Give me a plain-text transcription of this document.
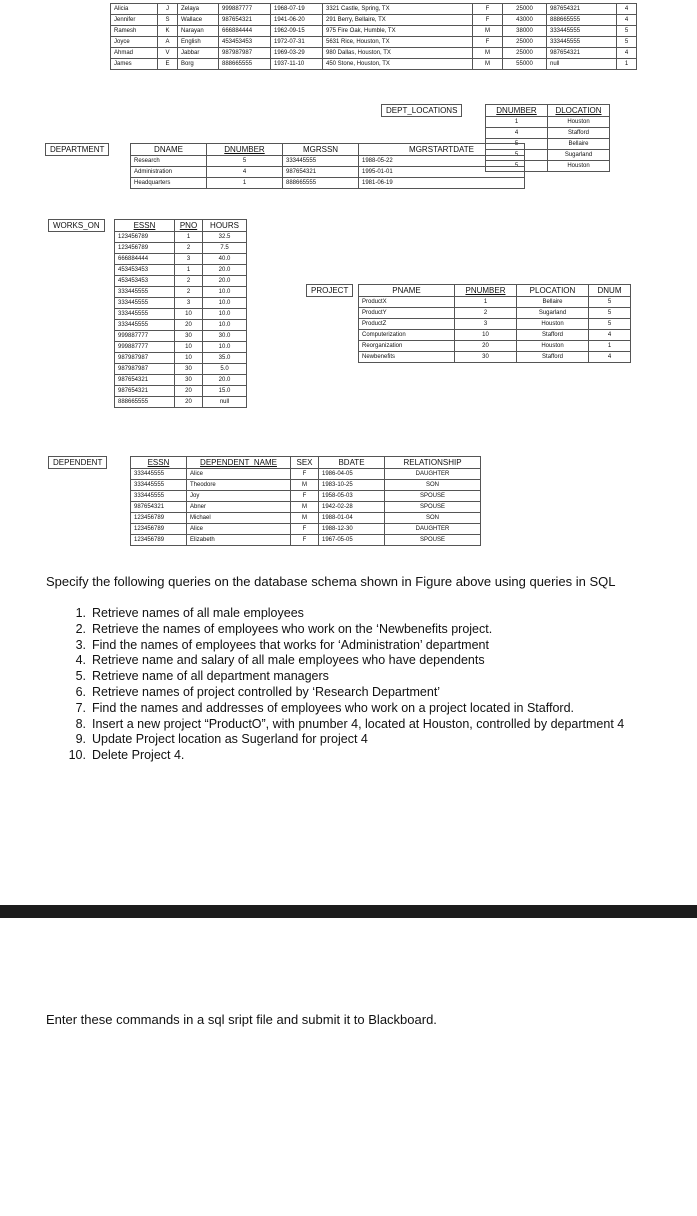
Alicia	J	Zelaya	999887777	1968-07-19	3321 Castle, Spring, TX	F	25000	987654321	4
Jennifer	S	Wallace	987654321	1941-06-20	291 Berry, Bellaire, TX	F	43000	888665555	4
Ramesh	K	Narayan	666884444	1962-09-15	975 Fire Oak, Humble, TX	M	38000	333445555	5
Joyce	A	English	453453453	1972-07-31	5631 Rice, Houston, TX	F	25000	333445555	5
Ahmad	V	Jabbar	987987987	1969-03-29	980 Dallas, Houston, TX	M	25000	987654321	4
James	E	Borg	888665555	1937-11-10	450 Stone, Houston, TX	M	55000	null	1
DEPT_LOCATIONS	DNUMBER	DLOCATION
1	Houston
4	Stafford
5	Bellaire
5	Sugarland
5	Houston
DEPARTMENT	DNAME	DNUMBER	MGRSSN	MGRSTARTDATE
Research	5	333445555	1988-05-22
Administration	4	987654321	1995-01-01
Headquarters	1	888665555	1981-06-19
WORKS_ON	ESSN	PNO	HOURS
123456789	1	32.5
123456789	2	7.5
666884444	3	40.0
453453453	1	20.0
453453453	2	20.0
333445555	2	10.0
333445555	3	10.0
333445555	10	10.0
333445555	20	10.0
999887777	30	30.0
999887777	10	10.0
987987987	10	35.0
987987987	30	5.0
987654321	30	20.0
987654321	20	15.0
888665555	20	null
PROJECT	PNAME	PNUMBER	PLOCATION	DNUM
ProductX	1	Bellaire	5
ProductY	2	Sugarland	5
ProductZ	3	Houston	5
Computerization	10	Stafford	4
Reorganization	20	Houston	1
Newbenefits	30	Stafford	4
DEPENDENT	ESSN	DEPENDENT_NAME	SEX	BDATE	RELATIONSHIP
333445555	Alice	F	1986-04-05	DAUGHTER
333445555	Theodore	M	1983-10-25	SON
333445555	Joy	F	1958-05-03	SPOUSE
987654321	Abner	M	1942-02-28	SPOUSE
123456789	Michael	M	1988-01-04	SON
123456789	Alice	F	1988-12-30	DAUGHTER
123456789	Elizabeth	F	1967-05-05	SPOUSE
Specify the following queries on the database schema shown in Figure above using queries in SQL
1. Retrieve names of all male employees
2. Retrieve the names of employees who work on the ‘Newbenefits project.
3. Find the names of employees that works for ‘Administration’ department
4. Retrieve name and salary of all male employees who have dependents
5. Retrieve name of all department managers
6. Retrieve names of project controlled by ‘Research Department’
7. Find the names and addresses of employees who work on a project located in Stafford.
8. Insert a new project “ProductO”, with pnumber 4, located at Houston, controlled by department 4
9. Update Project location as Sugerland for project 4
10. Delete Project 4.
Enter these commands in a sql sript file and submit it to Blackboard.
